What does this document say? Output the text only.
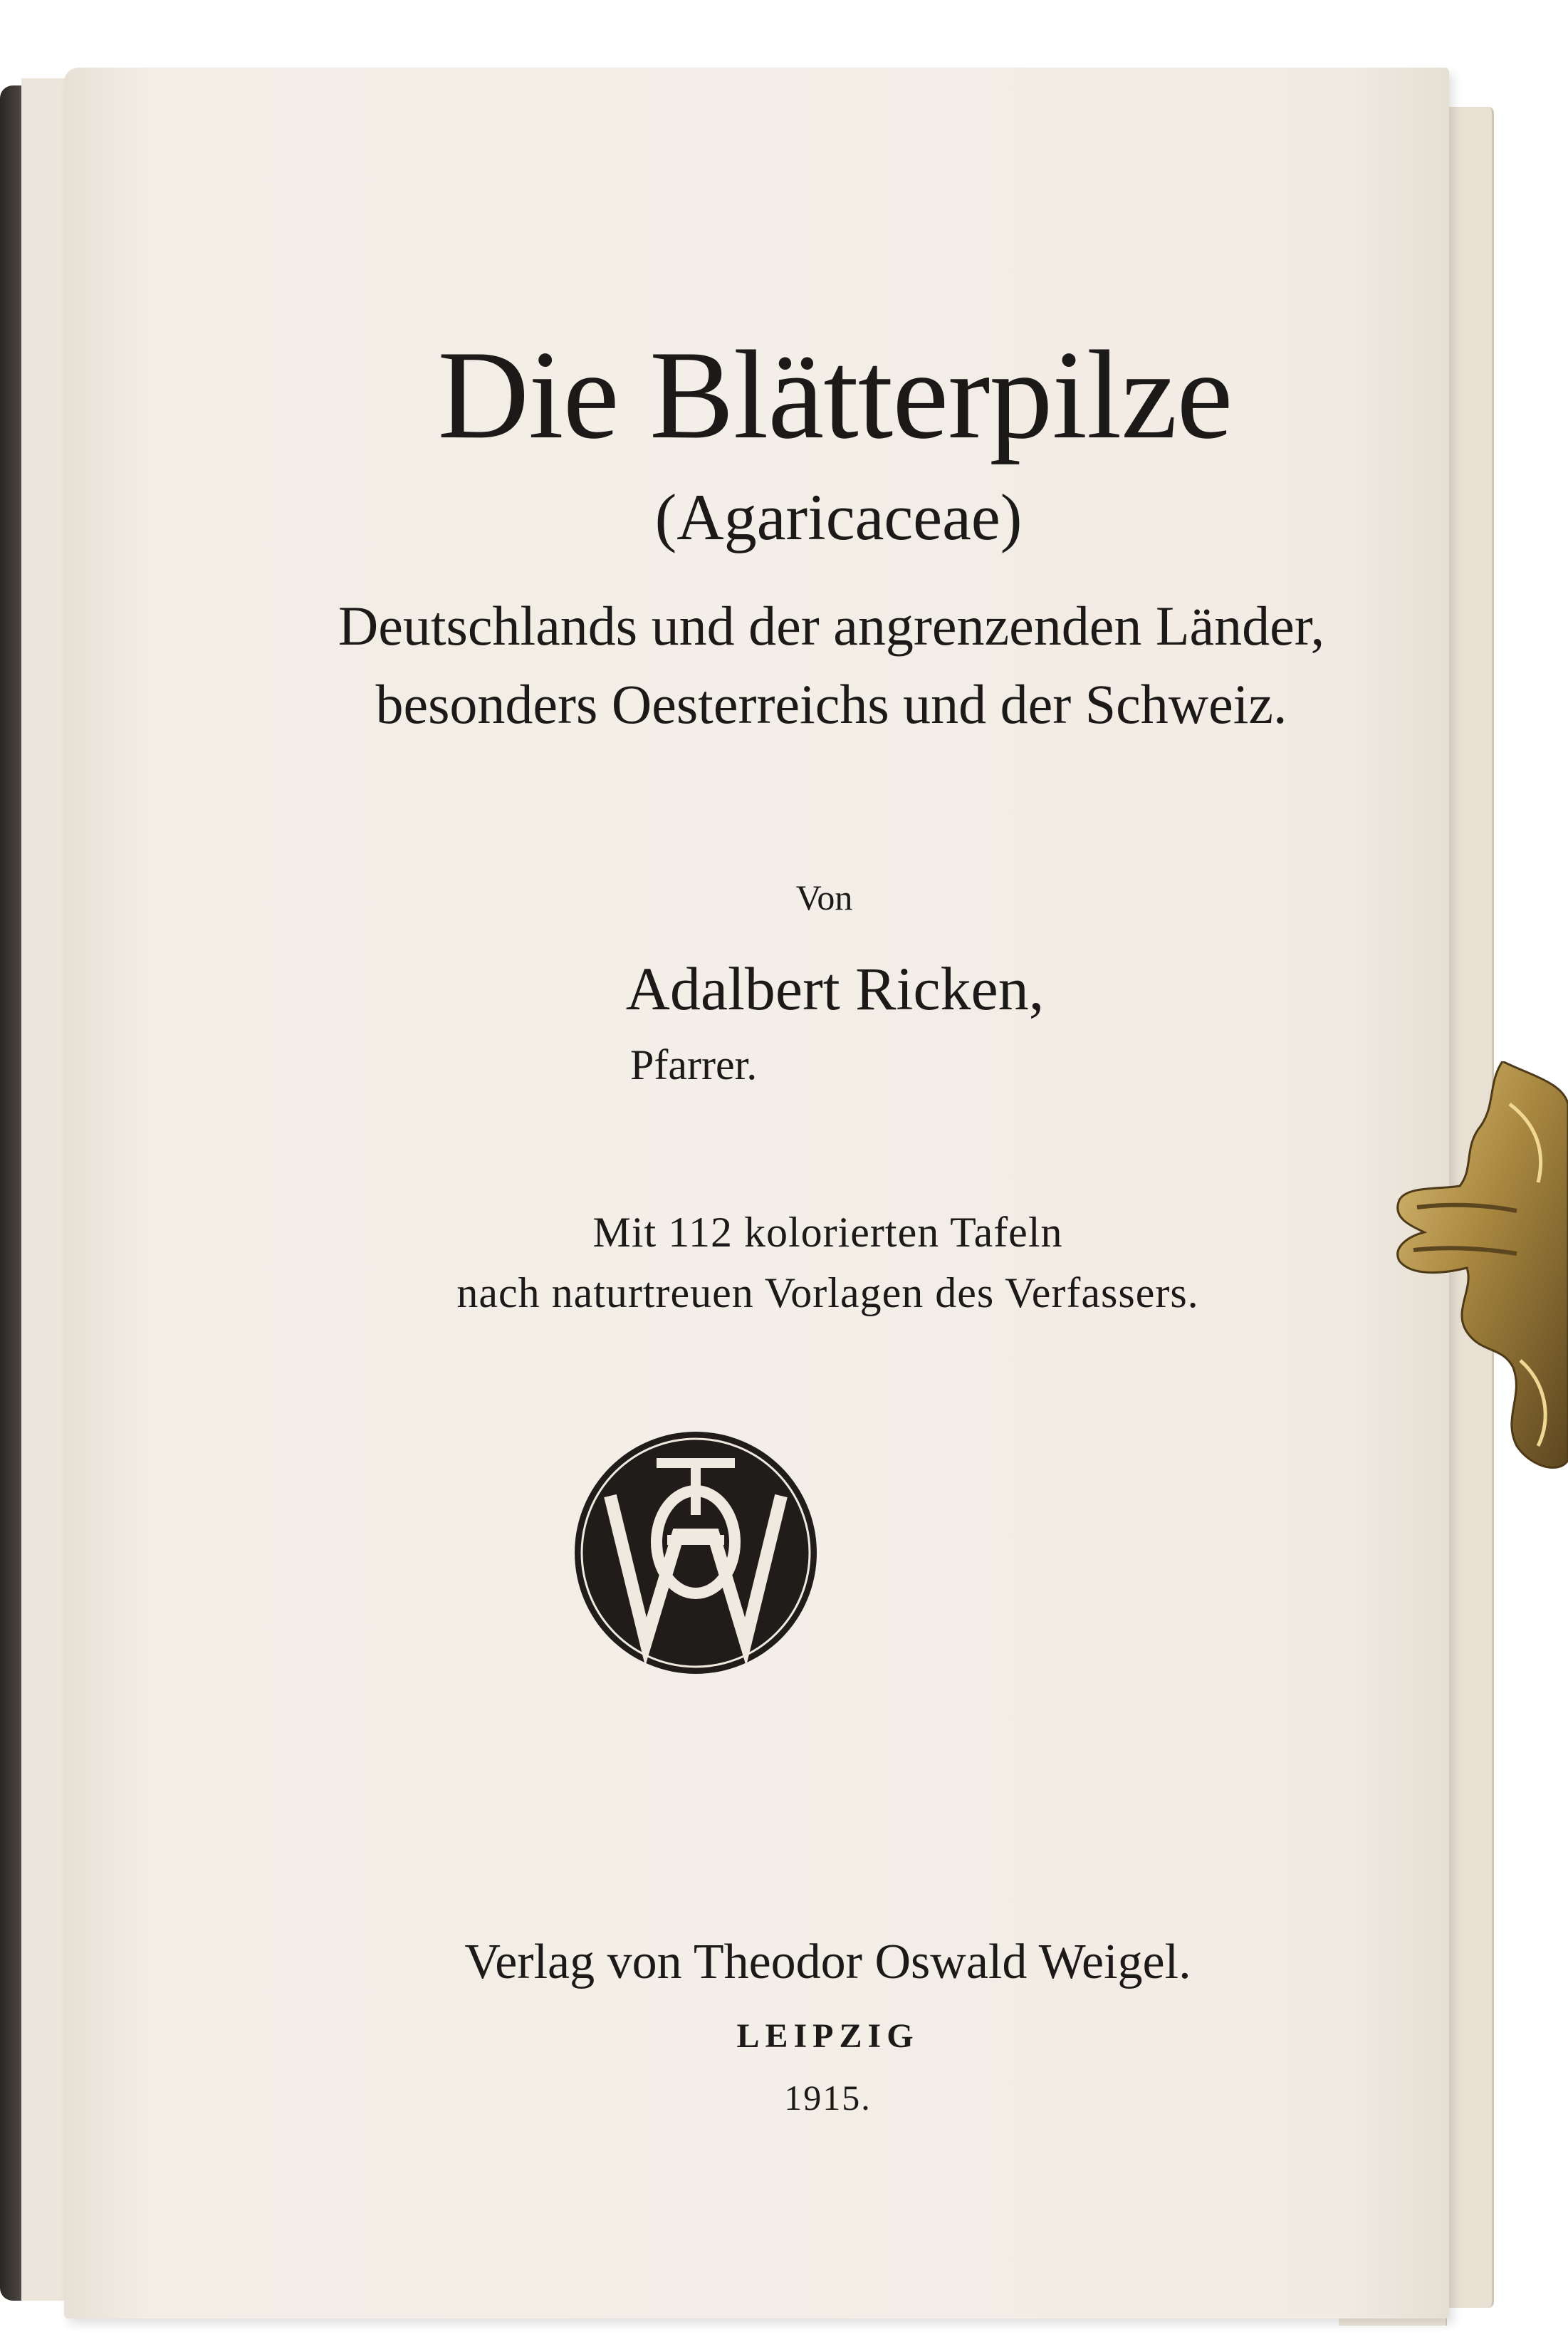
Die Blätterpilze
(Agaricaceae)
Deutschlands und der angrenzenden Länder,
besonders Oesterreichs und der Schweiz.
Von
Adalbert Ricken,
Pfarrer.
Mit 112 kolorierten Tafeln
nach naturtreuen Vorlagen des Verfassers.
Verlag von Theodor Oswald Weigel.
LEIPZIG
1915.
